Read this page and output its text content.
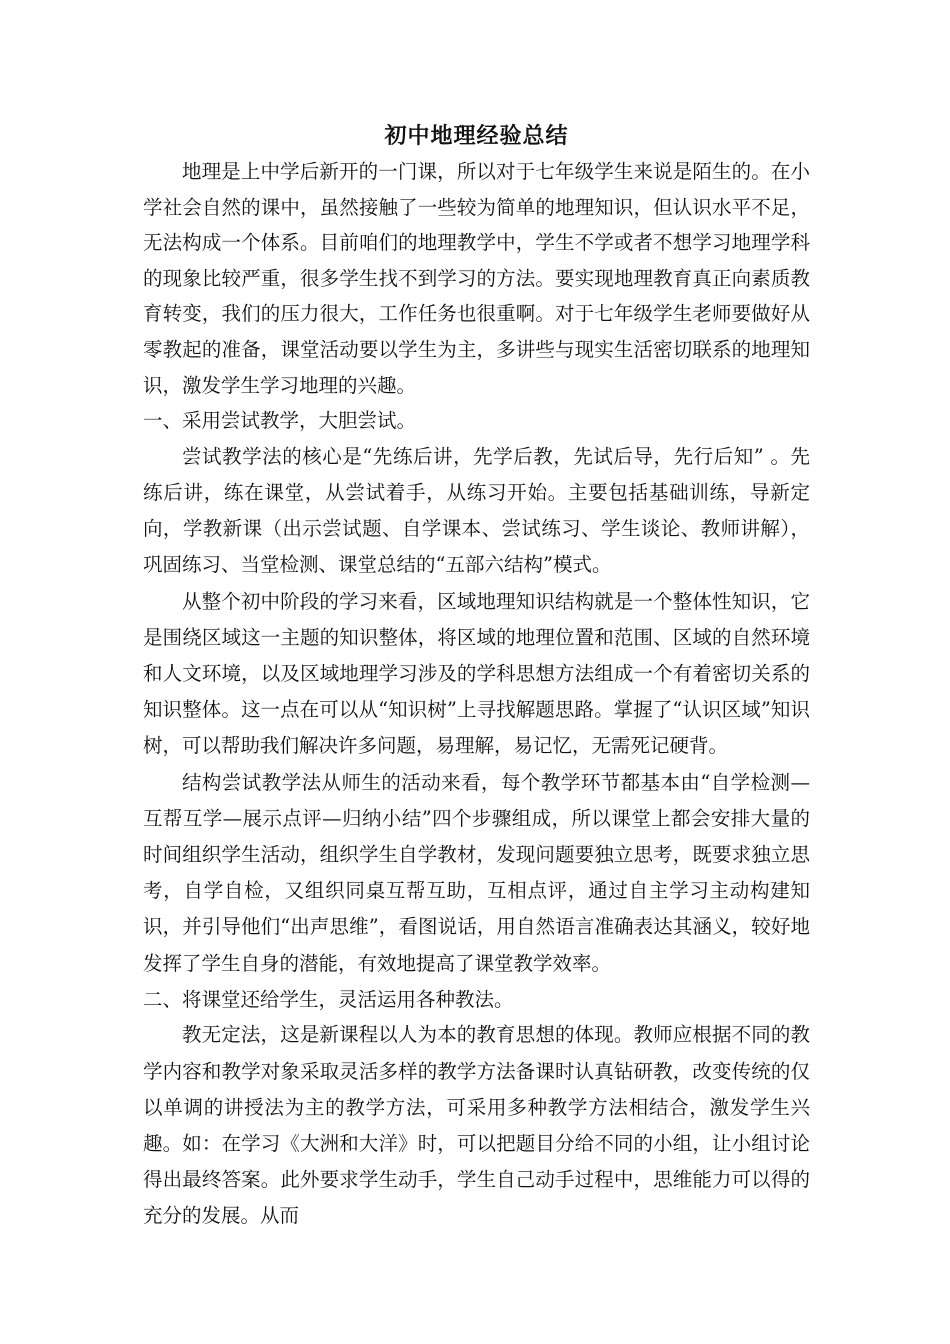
初中地理经验总结

地理是上中学后新开的一门课，所以对于七年级学生来说是陌生的。在小学社会自然的课中，虽然接触了一些较为简单的地理知识，但认识水平不足，无法构成一个体系。目前咱们的地理教学中，学生不学或者不想学习地理学科的现象比较严重，很多学生找不到学习的方法。要实现地理教育真正向素质教育转变，我们的压力很大，工作任务也很重啊。对于七年级学生老师要做好从零教起的准备，课堂活动要以学生为主，多讲些与现实生活密切联系的地理知识，激发学生学习地理的兴趣。

一、采用尝试教学，大胆尝试。

尝试教学法的核心是“先练后讲，先学后教，先试后导，先行后知” 。先练后讲，练在课堂，从尝试着手，从练习开始。主要包括基础训练，导新定向，学教新课（出示尝试题、自学课本、尝试练习、学生谈论、教师讲解），巩固练习、当堂检测、课堂总结的“五部六结构”模式。

从整个初中阶段的学习来看，区域地理知识结构就是一个整体性知识，它是围绕区域这一主题的知识整体，将区域的地理位置和范围、区域的自然环境和人文环境，以及区域地理学习涉及的学科思想方法组成一个有着密切关系的知识整体。这一点在可以从“知识树”上寻找解题思路。掌握了“认识区域”知识树，可以帮助我们解决许多问题，易理解，易记忆，无需死记硬背。

结构尝试教学法从师生的活动来看，每个教学环节都基本由“自学检测—互帮互学—展示点评—归纳小结”四个步骤组成，所以课堂上都会安排大量的时间组织学生活动，组织学生自学教材，发现问题要独立思考，既要求独立思考，自学自检，又组织同桌互帮互助，互相点评，通过自主学习主动构建知识，并引导他们“出声思维”，看图说话，用自然语言准确表达其涵义，较好地发挥了学生自身的潜能，有效地提高了课堂教学效率。

二、将课堂还给学生，灵活运用各种教法。

教无定法，这是新课程以人为本的教育思想的体现。教师应根据不同的教学内容和教学对象采取灵活多样的教学方法备课时认真钻研教，改变传统的仅以单调的讲授法为主的教学方法，可采用多种教学方法相结合，激发学生兴趣。如：在学习《大洲和大洋》时，可以把题目分给不同的小组，让小组讨论得出最终答案。此外要求学生动手，学生自己动手过程中，思维能力可以得的充分的发展。从而
